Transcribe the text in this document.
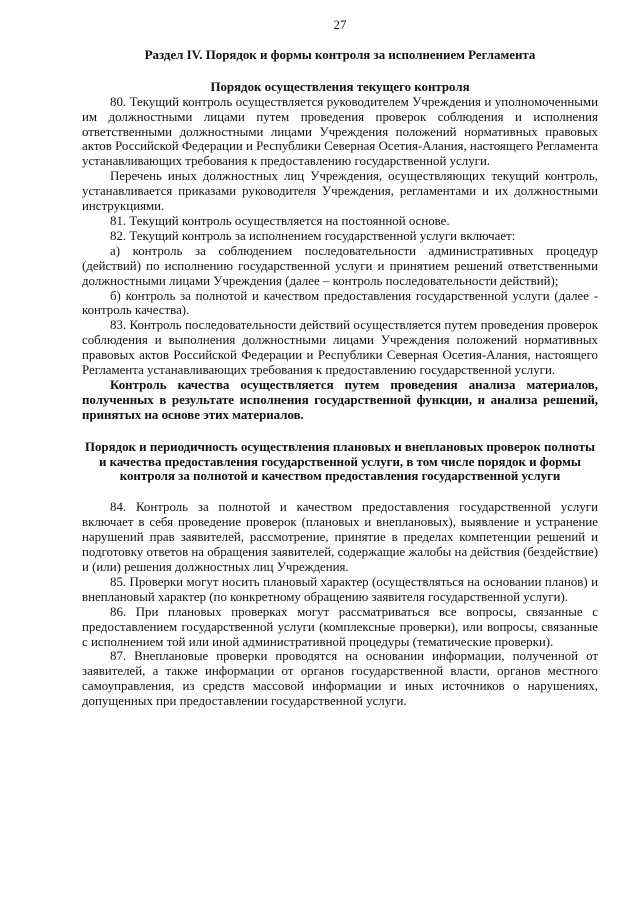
27
Раздел IV. Порядок и формы контроля за исполнением Регламента
Порядок осуществления текущего контроля

80. Текущий контроль осуществляется руководителем Учреждения и уполномоченными им должностными лицами путем проведения проверок соблюдения и исполнения ответственными должностными лицами Учреждения положений нормативных правовых актов Российской Федерации и Республики Северная Осетия-Алания, настоящего Регламента устанавливающих требования к предоставлению государственной услуги.

Перечень иных должностных лиц Учреждения, осуществляющих текущий контроль, устанавливается приказами руководителя Учреждения, регламентами и их должностными инструкциями.

81. Текущий контроль осуществляется на постоянной основе.

82. Текущий контроль за исполнением государственной услуги включает:

а) контроль за соблюдением последовательности административных процедур (действий) по исполнению государственной услуги и принятием решений ответственными должностными лицами Учреждения (далее – контроль последовательности действий);

б) контроль за полнотой и качеством предоставления государственной услуги (далее - контроль качества).

83. Контроль последовательности действий осуществляется путем проведения проверок соблюдения и выполнения должностными лицами Учреждения положений нормативных правовых актов Российской Федерации и Республики Северная Осетия-Алания, настоящего Регламента устанавливающих требования к предоставлению государственной услуги.

Контроль качества осуществляется путем проведения анализа материалов, полученных в результате исполнения государственной функции, и анализа решений, принятых на основе этих материалов.

Порядок и периодичность осуществления плановых и внеплановых проверок полноты и качества предоставления государственной услуги, в том числе порядок и формы контроля за полнотой и качеством предоставления государственной услуги

84. Контроль за полнотой и качеством предоставления государственной услуги включает в себя проведение проверок (плановых и внеплановых), выявление и устранение нарушений прав заявителей, рассмотрение, принятие в пределах компетенции решений и подготовку ответов на обращения заявителей, содержащие жалобы на действия (бездействие) и (или) решения должностных лиц Учреждения.

85. Проверки могут носить плановый характер (осуществляться на основании планов) и внеплановый характер (по конкретному обращению заявителя государственной услуги).

86. При плановых проверках могут рассматриваться все вопросы, связанные с предоставлением государственной услуги (комплексные проверки), или вопросы, связанные с исполнением той или иной административной процедуры (тематические проверки).

87. Внеплановые проверки проводятся на основании информации, полученной от заявителей, а также информации от органов государственной власти, органов местного самоуправления, из средств массовой информации и иных источников о нарушениях, допущенных при предоставлении государственной услуги.
